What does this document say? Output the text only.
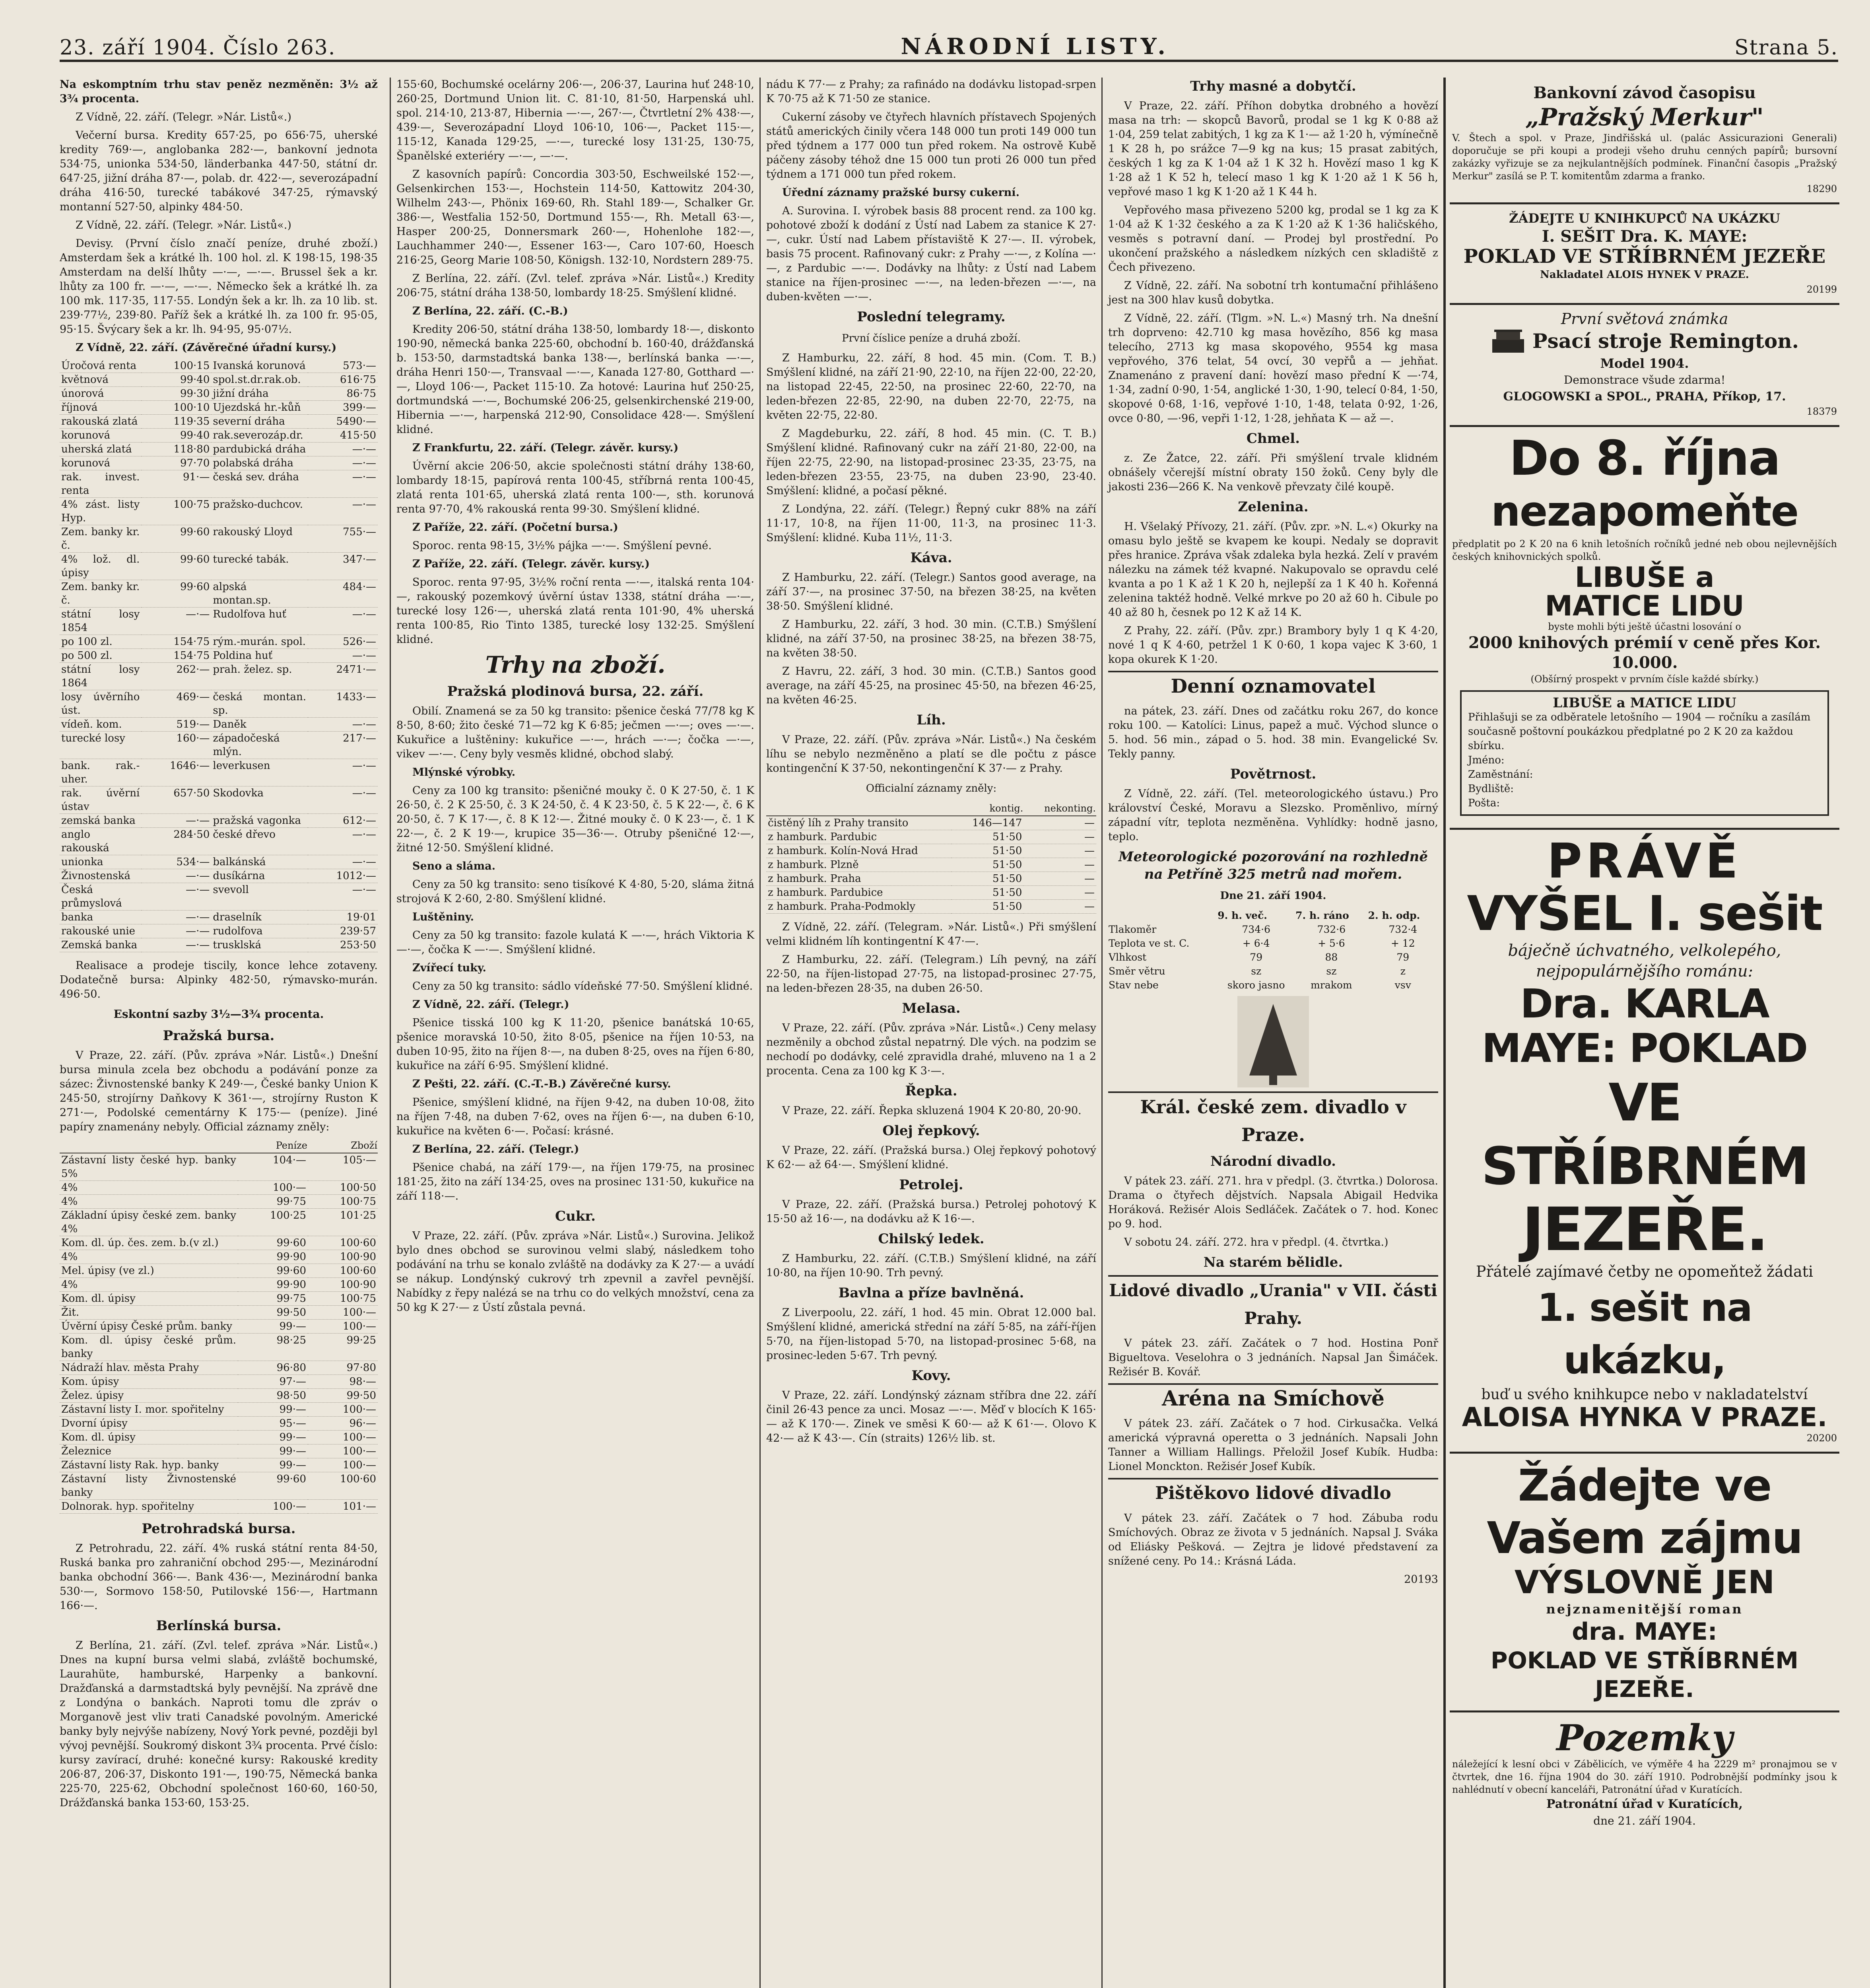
23. září 1904. Číslo 263.	NÁRODNÍ LISTY.	Strana 5.

Na eskomptním trhu stav peněz nezměněn: 3½ až 3¾ procenta.

Z Vídně, 22. září. (Telegr. »Nár. Listů«.)

Večerní bursa. Kredity 657·25, po 656·75, uherské kredity 769·—, anglobanka 282·—, bankovní jednota 534·75, unionka 534·50, länderbanka 447·50, státní dr. 647·25, jižní dráha 87·—, polab. dr. 422·—, severozápadní dráha 416·50, turecké tabákové 347·25, rýmavský montanní 527·50, alpinky 484·50.

Z Vídně, 22. září. (Telegr. »Nár. Listů«.)

Devisy. (První číslo značí peníze, druhé zboží.) Amsterdam šek a krátké lh. 100 hol. zl. K 198·15, 198·35 Amsterdam na delší lhůty —·—, —·—. Brussel šek a kr. lhůty za 100 fr. —·—, —·—. Německo šek a krátké lh. za 100 mk. 117·35, 117·55. Londýn šek a kr. lh. za 10 lib. st. 239·77½, 239·80. Paříž šek a krátké lh. za 100 fr. 95·05, 95·15. Švýcary šek a kr. lh. 94·95, 95·07½.

Z Vídně, 22. září. (Závěrečné úřadní kursy.)

Úročová renta	100·15	Ivanská korunová	573·—
květnová	99·40	spol.st.dr.rak.ob.	616·75
únorová	99·30	jižní dráha	86·75
říjnová	100·10	Ujezdská hr.-kůň	399·—
rakouská zlatá	119·35	severní dráha	5490·—
korunová	99·40	rak.severozáp.dr.	415·50
uherská zlatá	118·80	pardubická dráha	—·—
korunová	97·70	polabská dráha	—·—
rak. invest. renta	91·—	česká sev. dráha	—·—
4% zást. listy Hyp.	100·75	pražsko-duchcov.	—·—
Zem. banky kr. č.	99·60	rakouský Lloyd	755·—
4% lož. dl. úpisy	99·60	turecké tabák.	347·—
Zem. banky kr. č.	99·60	alpská montan.sp.	484·—
státní losy 1854	—·—	Rudolfova huť	—·—
po 100 zl.	154·75	rým.-murán. spol.	526·—
po 500 zl.	154·75	Poldina huť	—·—
státní losy 1864	262·—	prah. želez. sp.	2471·—
losy úvěrního úst.	469·—	česká montan. sp.	1433·—
vídeň. kom.	519·—	Daněk	—·—
turecké losy	160·—	západočeská mlýn.	217·—
bank. rak.-uher.	1646·—	leverkusen	—·—
rak. úvěrní ústav	657·50	Skodovka	—·—
zemská banka	—·—	pražská vagonka	612·—
anglo rakouská	284·50	české dřevo	—·—
unionka	534·—	balkánská	—·—
Živnostenská	—·—	dusíkárna	1012·—
Česká průmyslová	—·—	svevoll	—·—
banka	—·—	draselník	19·01
rakouské unie	—·—	rudolfova	239·57
Zemská banka	—·—	trusklská	253·50

Realisace a prodeje tiscily, konce lehce zotaveny. Dodatečně bursa: Alpinky 482·50, rýmavsko-murán. 496·50.

Eskontní sazby 3½—3¾ procenta.

Pražská bursa.

V Praze, 22. září. (Pův. zpráva »Nár. Listů«.) Dnešní bursa minula zcela bez obchodu a podávání ponze za sázec: Živnostenské banky K 249·—, České banky Union K 245·50, strojírny Daňkovy K 361·—, strojírny Ruston K 271·—, Podolské cementárny K 175·— (peníze). Jiné papíry znamenány nebyly. Official záznamy zněly:

	Peníze	Zboží
Zástavní listy české hyp. banky 5%	104·—	105·—
4%	100·—	100·50
4%	99·75	100·75
Základní úpisy české zem. banky 4%	100·25	101·25
Kom. dl. úp. čes. zem. b.(v zl.)	99·60	100·60
4%	99·90	100·90
Mel. úpisy (ve zl.)	99·60	100·60
4%	99·90	100·90
Kom. dl. úpisy	99·75	100·75
Žit.	99·50	100·—
Úvěrní úpisy České prům. banky	99·—	100·—
Kom. dl. úpisy české prům. banky	98·25	99·25
Nádraží hlav. města Prahy	96·80	97·80
Kom. úpisy	97·—	98·—
Želez. úpisy	98·50	99·50
Zástavní listy I. mor. spořitelny	99·—	100·—
Dvorní úpisy	95·—	96·—
Kom. dl. úpisy	99·—	100·—
Železnice	99·—	100·—
Zástavní listy Rak. hyp. banky	99·—	100·—
Zástavní listy Živnostenské banky	99·60	100·60
Dolnorak. hyp. spořitelny	100·—	101·—

Petrohradská bursa.

Z Petrohradu, 22. září. 4% ruská státní renta 84·50, Ruská banka pro zahraniční obchod 295·—, Mezinárodní banka obchodní 366·—. Bank 436·—, Mezinárodní banka 530·—, Sormovo 158·50, Putilovské 156·—, Hartmann 166·—.

Berlínská bursa.

Z Berlína, 21. září. (Zvl. telef. zpráva »Nár. Listů«.) Dnes na kupní bursa velmi slabá, zvláště bochumské, Laurahüte, hamburské, Harpenky a bankovní. Dražďanská a darmstadtská byly pevnější. Na zprávě dne z Londýna o bankách. Naproti tomu dle zpráv o Morganově jest vliv trati Canadské povolným. Americké banky byly nejvýše nabízeny, Nový York pevné, později byl vývoj pevnější. Soukromý diskont 3¾ procenta. Prvé číslo: kursy zavírací, druhé: konečné kursy: Rakouské kredity 206·87, 206·37, Diskonto 191·—, 190·75, Německá banka 225·70, 225·62, Obchodní společnost 160·60, 160·50, Drážďanská banka 153·60, 153·25.

155·60, Bochumské ocelárny 206·—, 206·37, Laurina huť 248·10, 260·25, Dortmund Union lit. C. 81·10, 81·50, Harpenská uhl. spol. 214·10, 213·87, Hibernia —·—, 267·—, Čtvrtletní 2% 438·—, 439·—, Severozápadní Lloyd 106·10, 106·—, Packet 115·—, 115·12, Kanada 129·25, —·—, turecké losy 131·25, 130·75, Španělské exteriéry —·—, —·—.

Z kasovních papírů: Concordia 303·50, Eschweilské 152·—, Gelsenkirchen 153·—, Hochstein 114·50, Kattowitz 204·30, Wilhelm 243·—, Phönix 169·60, Rh. Stahl 189·—, Schalker Gr. 386·—, Westfalia 152·50, Dortmund 155·—, Rh. Metall 63·—, Hasper 200·25, Donnersmark 260·—, Hohenlohe 182·—, Lauchhammer 240·—, Essener 163·—, Caro 107·60, Hoesch 216·25, Georg Marie 108·50, Königsh. 132·10, Nordstern 289·75.

Z Berlína, 22. září. (Zvl. telef. zpráva »Nár. Listů«.) Kredity 206·75, státní dráha 138·50, lombardy 18·25. Smýšlení klidné.

Z Berlína, 22. září. (C.-B.)

Kredity 206·50, státní dráha 138·50, lombardy 18·—, diskonto 190·90, německá banka 225·60, obchodní b. 160·40, drážďanská b. 153·50, darmstadtská banka 138·—, berlínská banka —·—, dráha Henri 150·—, Transvaal —·—, Kanada 127·80, Gotthard —·—, Lloyd 106·—, Packet 115·10. Za hotové: Laurina huť 250·25, dortmundská —·—, Bochumské 206·25, gelsenkirchenské 219·00, Hibernia —·—, harpenská 212·90, Consolidace 428·—. Smýšlení klidné.

Z Frankfurtu, 22. září. (Telegr. závěr. kursy.)

Úvěrní akcie 206·50, akcie společnosti státní dráhy 138·60, lombardy 18·15, papírová renta 100·45, stříbrná renta 100·45, zlatá renta 101·65, uherská zlatá renta 100·—, sth. korunová renta 97·70, 4% rakouská renta 99·30. Smýšlení klidné.

Z Paříže, 22. září. (Početní bursa.)

Sporoc. renta 98·15, 3½% pájka —·—. Smýšlení pevné.

Z Paříže, 22. září. (Telegr. závěr. kursy.)

Sporoc. renta 97·95, 3½% roční renta —·—, italská renta 104·—, rakouský pozemkový úvěrní ústav 1338, státní dráha —·—, turecké losy 126·—, uherská zlatá renta 101·90, 4% uherská renta 100·85, Rio Tinto 1385, turecké losy 132·25. Smýšlení klidné.

Trhy na zboží.

Pražská plodinová bursa, 22. září.

Obilí. Znamená se za 50 kg transito: pšenice česká 77/78 kg K 8·50, 8·60; žito české 71—72 kg K 6·85; ječmen —·—; oves —·—. Kukuřice a luštěniny: kukuřice —·—, hrách —·—; čočka —·—, vikev —·—. Ceny byly vesměs klidné, obchod slabý.

Mlýnské výrobky.

Ceny za 100 kg transito: pšeničné mouky č. 0 K 27·50, č. 1 K 26·50, č. 2 K 25·50, č. 3 K 24·50, č. 4 K 23·50, č. 5 K 22·—, č. 6 K 20·50, č. 7 K 17·—, č. 8 K 12·—. Žitné mouky č. 0 K 23·—, č. 1 K 22·—, č. 2 K 19·—, krupice 35—36·—. Otruby pšeničné 12·—, žitné 12·50. Smýšlení klidné.

Seno a sláma.

Ceny za 50 kg transito: seno tisíkové K 4·80, 5·20, sláma žitná strojová K 2·60, 2·80. Smýšlení klidné.

Luštěniny.

Ceny za 50 kg transito: fazole kulatá K —·—, hrách Viktoria K —·—, čočka K —·—. Smýšlení klidné.

Zvířecí tuky.

Ceny za 50 kg transito: sádlo vídeňské 77·50. Smýšlení klidné.

Z Vídně, 22. září. (Telegr.)

Pšenice tisská 100 kg K 11·20, pšenice banátská 10·65, pšenice moravská 10·50, žito 8·05, pšenice na říjen 10·53, na duben 10·95, žito na říjen 8·—, na duben 8·25, oves na říjen 6·80, kukuřice na září 6·95. Smýšlení klidné.

Z Pešti, 22. září. (C.-T.-B.) Závěrečné kursy.

Pšenice, smýšlení klidné, na říjen 9·42, na duben 10·08, žito na říjen 7·48, na duben 7·62, oves na říjen 6·—, na duben 6·10, kukuřice na květen 6·—. Počasí: krásné.

Z Berlína, 22. září. (Telegr.)

Pšenice chabá, na září 179·—, na říjen 179·75, na prosinec 181·25, žito na září 134·25, oves na prosinec 131·50, kukuřice na září 118·—.

Cukr.

V Praze, 22. září. (Pův. zpráva »Nár. Listů«.) Surovina. Jelikož bylo dnes obchod se surovinou velmi slabý, následkem toho podávání na trhu se konalo zvláště na dodávky za K 27·— a uvádí se nákup. Londýnský cukrový trh zpevnil a zavřel pevnější. Nabídky z řepy nalézá se na trhu co do velkých množství, cena za 50 kg K 27·— z Ústí zůstala pevná.

nádu K 77·— z Prahy; za rafinádo na dodávku listopad-srpen K 70·75 až K 71·50 ze stanice.

Cukerní zásoby ve čtyřech hlavních přístavech Spojených států amerických činily včera 148 000 tun proti 149 000 tun před týdnem a 177 000 tun před rokem. Na ostrově Kubě páčeny zásoby téhož dne 15 000 tun proti 26 000 tun před týdnem a 171 000 tun před rokem.

Úřední záznamy pražské bursy cukerní.

A. Surovina. I. výrobek basis 88 procent rend. za 100 kg. pohotové zboží k dodání z Ústí nad Labem za stanice K 27·—, cukr. Ústí nad Labem přístaviště K 27·—. II. výrobek, basis 75 procent. Rafinovaný cukr: z Prahy —·—, z Kolína —·—, z Pardubic —·—. Dodávky na lhůty: z Ústí nad Labem stanice na říjen-prosinec —·—, na leden-březen —·—, na duben-květen —·—.

Poslední telegramy.

První číslice peníze a druhá zboží.

Z Hamburku, 22. září, 8 hod. 45 min. (Com. T. B.) Smýšlení klidné, na září 21·90, 22·10, na říjen 22·00, 22·20, na listopad 22·45, 22·50, na prosinec 22·60, 22·70, na leden-březen 22·85, 22·90, na duben 22·70, 22·75, na květen 22·75, 22·80.

Z Magdeburku, 22. září, 8 hod. 45 min. (C. T. B.) Smýšlení klidné. Rafinovaný cukr na září 21·80, 22·00, na říjen 22·75, 22·90, na listopad-prosinec 23·35, 23·75, na leden-březen 23·55, 23·75, na duben 23·90, 23·40. Smýšlení: klidné, a počasí pěkné.

Z Londýna, 22. září. (Telegr.) Řepný cukr 88% na září 11·17, 10·8, na říjen 11·00, 11·3, na prosinec 11·3. Smýšlení: klidné. Kuba 11½, 11·3.

Káva.

Z Hamburku, 22. září. (Telegr.) Santos good average, na září 37·—, na prosinec 37·50, na březen 38·25, na květen 38·50. Smýšlení klidné.

Z Hamburku, 22. září, 3 hod. 30 min. (C.T.B.) Smýšlení klidné, na září 37·50, na prosinec 38·25, na březen 38·75, na květen 38·50.

Z Havru, 22. září, 3 hod. 30 min. (C.T.B.) Santos good average, na září 45·25, na prosinec 45·50, na březen 46·25, na květen 46·25.

Líh.

V Praze, 22. září. (Pův. zpráva »Nár. Listů«.) Na českém líhu se nebylo nezměněno a platí se dle počtu z pásce kontingenční K 37·50, nekontingenční K 37·— z Prahy.

Officialní záznamy zněly:

	kontig.	nekonting.
čistěný líh z Prahy transito	146—147	—
z hamburk. Pardubic	51·50	—
z hamburk. Kolín-Nová Hrad	51·50	—
z hamburk. Plzně	51·50	—
z hamburk. Praha	51·50	—
z hamburk. Pardubice	51·50	—
z hamburk. Praha-Podmokly	51·50	—

Z Vídně, 22. září. (Telegram. »Nár. Listů«.) Při smýšlení velmi klidném líh kontingentní K 47·—.

Z Hamburku, 22. září. (Telegram.) Líh pevný, na září 22·50, na říjen-listopad 27·75, na listopad-prosinec 27·75, na leden-březen 28·35, na duben 26·50.

Melasa.

V Praze, 22. září. (Pův. zpráva »Nár. Listů«.) Ceny melasy nezměnily a obchod zůstal nepatrný. Dle vých. na podzim se nechodí po dodávky, celé zpravidla drahé, mluveno na 1 a 2 procenta. Cena za 100 kg K 3·—.

Řepka.

V Praze, 22. září. Řepka skluzená 1904 K 20·80, 20·90.

Olej řepkový.

V Praze, 22. září. (Pražská bursa.) Olej řepkový pohotový K 62·— až 64·—. Smýšlení klidné.

Petrolej.

V Praze, 22. září. (Pražská bursa.) Petrolej pohotový K 15·50 až 16·—, na dodávku až K 16·—.

Chilský ledek.

Z Hamburku, 22. září. (C.T.B.) Smýšlení klidné, na září 10·80, na říjen 10·90. Trh pevný.

Bavlna a příze bavlněná.

Z Liverpoolu, 22. září, 1 hod. 45 min. Obrat 12.000 bal. Smýšlení klidné, americká střední na září 5·85, na září-říjen 5·70, na říjen-listopad 5·70, na listopad-prosinec 5·68, na prosinec-leden 5·67. Trh pevný.

Kovy.

V Praze, 22. září. Londýnský záznam stříbra dne 22. září činil 26·43 pence za unci. Mosaz —·—. Měď v blocích K 165·— až K 170·—. Zinek ve směsi K 60·— až K 61·—. Olovo K 42·— až K 43·—. Cín (straits) 126½ lib. st.

Trhy masné a dobytčí.

V Praze, 22. září. Příhon dobytka drobného a hovězí masa na trh: — skopců Bavorů, prodal se 1 kg K 0·88 až 1·04, 259 telat zabitých, 1 kg za K 1·— až 1·20 h, výmínečně 1 K 28 h, po srážce 7—9 kg na kus; 15 prasat zabitých, českých 1 kg za K 1·04 až 1 K 32 h. Hovězí maso 1 kg K 1·28 až 1 K 52 h, telecí maso 1 kg K 1·20 až 1 K 56 h, vepřové maso 1 kg K 1·20 až 1 K 44 h.

Vepřového masa přivezeno 5200 kg, prodal se 1 kg za K 1·04 až K 1·32 českého a za K 1·20 až K 1·36 haličského, vesměs s potravní daní. — Prodej byl prostřední. Po ukončení pražského a následkem nízkých cen skladiště z Čech přivezeno.

Z Vídně, 22. září. Na sobotní trh kontumační přihlášeno jest na 300 hlav kusů dobytka.

Z Vídně, 22. září. (Tlgm. »N. L.«) Masný trh. Na dnešní trh doprveno: 42.710 kg masa hovězího, 856 kg masa telecího, 2713 kg masa skopového, 9554 kg masa vepřového, 376 telat, 54 ovcí, 30 vepřů a — jehňat. Znamenáno z pravení daní: hovězí maso přední K —·74, 1·34, zadní 0·90, 1·54, anglické 1·30, 1·90, telecí 0·84, 1·50, skopové 0·68, 1·16, vepřové 1·10, 1·48, telata 0·92, 1·26, ovce 0·80, —·96, vepři 1·12, 1·28, jehňata K — až —.

Chmel.

z. Ze Žatce, 22. září. Při smýšlení trvale klidném obnášely včerejší místní obraty 150 žoků. Ceny byly dle jakosti 236—266 K. Na venkově převzaty čilé koupě.

Zelenina.

H. Všelaký Přívozy, 21. září. (Pův. zpr. »N. L.«) Okurky na omasu bylo ještě se kvapem ke koupi. Nedaly se dopravit přes hranice. Zpráva však zdaleka byla hezká. Zelí v pravém nálezku na zámek též kvapné. Nakupovalo se opravdu celé kvanta a po 1 K až 1 K 20 h, nejlepší za 1 K 40 h. Kořenná zelenina taktéž hodně. Velké mrkve po 20 až 60 h. Cibule po 40 až 80 h, česnek po 12 K až 14 K.

Z Prahy, 22. září. (Pův. zpr.) Brambory byly 1 q K 4·20, nové 1 q K 4·60, petržel 1 K 0·60, 1 kopa vajec K 3·60, 1 kopa okurek K 1·20.

Denní oznamovatel

na pátek, 23. září. Dnes od začátku roku 267, do konce roku 100. — Katolíci: Linus, papež a muč. Východ slunce o 5. hod. 56 min., západ o 5. hod. 38 min. Evangelické Sv. Tekly panny.

Povětrnost.

Z Vídně, 22. září. (Tel. meteorologického ústavu.) Pro království České, Moravu a Slezsko. Proměnlivo, mírný západní vítr, teplota nezměněna. Vyhlídky: hodně jasno, teplo.

Meteorologické pozorování na rozhledně na Petříně 325 metrů nad mořem.

Dne 21. září 1904.

	9. h. več.	7. h. ráno	2. h. odp.
Tlakoměr	734·6	732·6	732·4
Teplota ve st. C.	+ 6·4	+ 5·6	+ 12
Vlhkost	79	88	79
Směr větru	sz	sz	z
Stav nebe	skoro jasno	mrakom	vsv

Král. české zem. divadlo v Praze.

Národní divadlo.

V pátek 23. září. 271. hra v předpl. (3. čtvrtka.) Dolorosa. Drama o čtyřech dějstvích. Napsala Abigail Hedvika Horáková. Režisér Alois Sedláček. Začátek o 7. hod. Konec po 9. hod.

V sobotu 24. září. 272. hra v předpl. (4. čtvrtka.)

Na starém bělidle.

Lidové divadlo „Urania" v VII. části Prahy.

V pátek 23. září. Začátek o 7 hod. Hostina Ponř Bigueltova. Veselohra o 3 jednáních. Napsal Jan Šimáček. Režisér B. Kovář.

Aréna na Smíchově

V pátek 23. září. Začátek o 7 hod. Cirkusačka. Velká americká výpravná operetta o 3 jednáních. Napsali John Tanner a William Hallings. Přeložil Josef Kubík. Hudba: Lionel Monckton. Režisér Josef Kubík.

Pištěkovo lidové divadlo

V pátek 23. září. Začátek o 7 hod. Zábuba rodu Smíchových. Obraz ze života v 5 jednáních. Napsal J. Sváka od Eliásky Pešková. — Zejtra je lidové představení za snížené ceny. Po 14.: Krásná Láda.

20193

Bankovní závod časopisu
„Pražský Merkur"
V. Štech a spol. v Praze, Jindřišská ul. (palác Assicurazioni Generali) doporučuje se při koupi a prodeji všeho druhu cenných papírů; bursovní zakázky vyřizuje se za nejkulantnějších podmínek. Finanční časopis „Pražský Merkur" zasílá se P. T. komitentům zdarma a franko.
18290
ŽÁDEJTE U KNIHKUPCŮ NA UKÁZKU
I. SEŠIT Dra. K. MAYE:
POKLAD VE STŘÍBRNÉM JEZEŘE
Nakladatel ALOIS HYNEK V PRAZE.
20199
První světová známka
Psací stroje Remington.
Model 1904.
Demonstrace všude zdarma!
GLOGOWSKI a SPOL., PRAHA, Příkop, 17.
18379
Do 8. října
nezapomeňte
předplatit po 2 K 20 na 6 knih letošních ročníků jedné neb obou nejlevnějších českých knihovnických spolků.
LIBUŠE a
MATICE LIDU
byste mohli býti ještě účastni losování o
2000 knihových prémií v ceně přes Kor. 10.000.
(Obšírný prospekt v prvním čísle každé sbírky.)
LIBUŠE a MATICE LIDU
Přihlašuji se za odběratele letošního — 1904 — ročníku a zasílám současně poštovní poukázkou předplatné po 2 K 20 za každou sbírku.
Jméno:
Zaměstnání:
Bydliště:
Pošta:
PRÁVĚ
VYŠEL I. sešit
báječně úchvatného, velkolepého, nejpopulárnějšího románu:
Dra. KARLA MAYE: POKLAD
VE STŘÍBRNÉM
JEZEŘE.
Přátelé zajímavé četby ne opomeňtež žádati
1. sešit na ukázku,
buď u svého knihkupce nebo v nakladatelství
ALOISA HYNKA V PRAZE.
20200
Žádejte ve Vašem zájmu
VÝSLOVNĚ JEN
nejznamenitější roman
dra. MAYE:
POKLAD VE STŘÍBRNÉM JEZEŘE.
Pozemky
náležející k lesní obci v Zábělicích, ve výměře 4 ha 2229 m² pronajmou se v čtvrtek, dne 16. října 1904 do 30. září 1910. Podrobnější podmínky jsou k nahlédnutí v obecní kanceláři, Patronátní úřad v Kuratících.
Patronátní úřad v Kuratících,
dne 21. září 1904.
